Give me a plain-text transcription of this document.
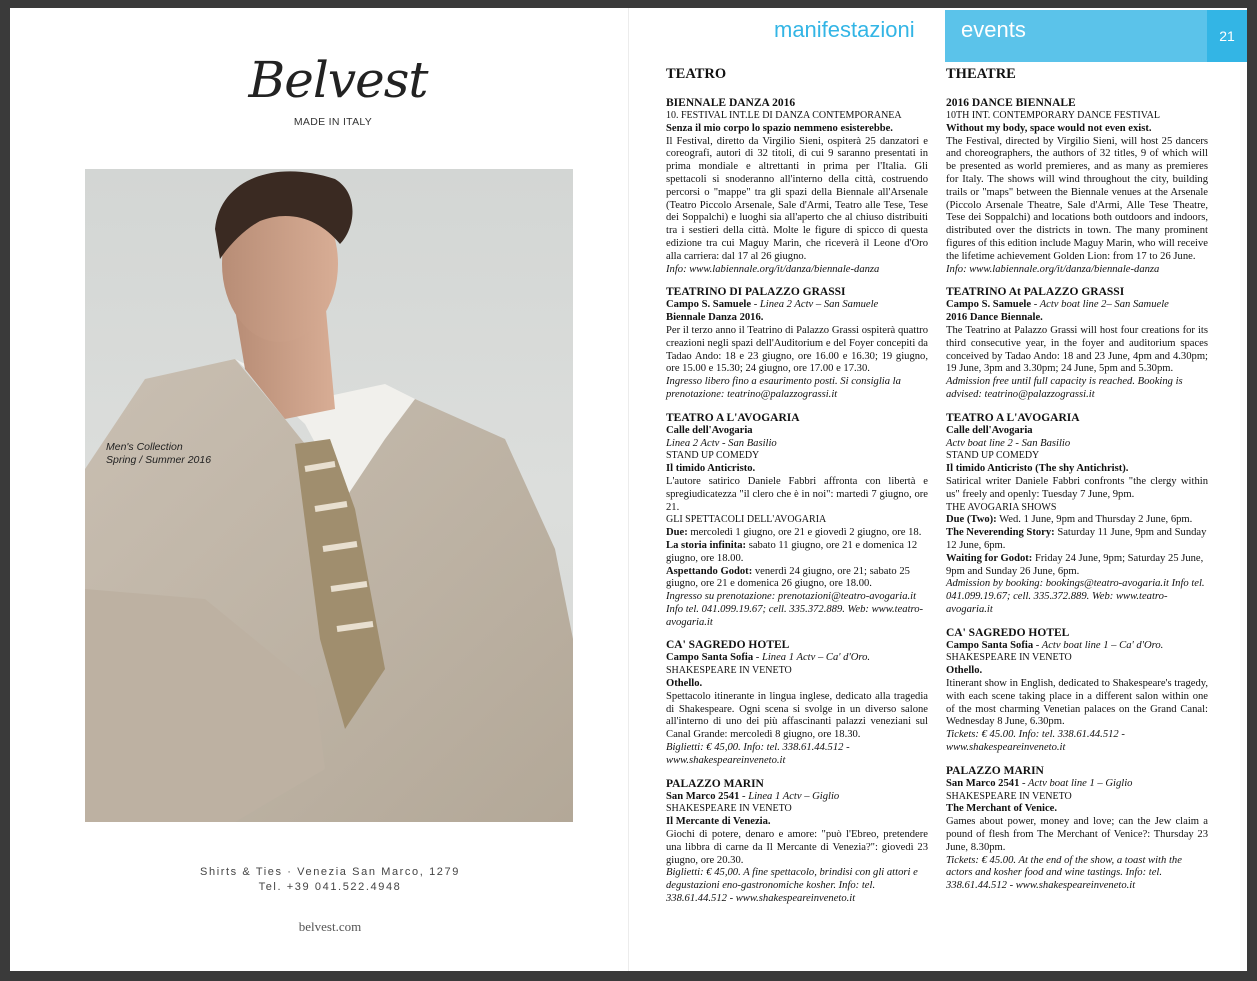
Belvest
MADE IN ITALY
Men's Collection
Spring / Summer 2016
Shirts & Ties · Venezia San Marco, 1279
Tel. +39 041.522.4948
belvest.com
manifestazioni events	21
TEATRO
BIENNALE DANZA 2016

10. FESTIVAL INT.LE DI DANZA CONTEMPORANEA

Senza il mio corpo lo spazio nemmeno esisterebbe.

Il Festival, diretto da Virgilio Sieni, ospiterà 25 danzatori e coreografi, autori di 32 titoli, di cui 9 saranno presentati in prima mondiale e altrettanti in prima per l'Italia. Gli spettacoli si snoderanno all'interno della città, costruendo percorsi o "mappe" tra gli spazi della Biennale all'Arsenale (Teatro Piccolo Arsenale, Sale d'Armi, Teatro alle Tese, Tese dei Soppalchi) e luoghi sia all'aperto che al chiuso distribuiti tra i sestieri della città. Molte le figure di spicco di questa edizione tra cui Maguy Marin, che riceverà il Leone d'Oro alla carriera: dal 17 al 26 giugno.

Info: www.labiennale.org/it/danza/biennale-danza

TEATRINO DI PALAZZO GRASSI

Campo S. Samuele - Linea 2 Actv – San Samuele

Biennale Danza 2016.

Per il terzo anno il Teatrino di Palazzo Grassi ospiterà quattro creazioni negli spazi dell'Auditorium e del Foyer concepiti da Tadao Ando: 18 e 23 giugno, ore 16.00 e 16.30; 19 giugno, ore 15.00 e 15.30; 24 giugno, ore 17.00 e 17.30.

Ingresso libero fino a esaurimento posti. Si consiglia la prenotazione: teatrino@palazzograssi.it

TEATRO A L'AVOGARIA

Calle dell'Avogaria

Linea 2 Actv - San Basilio

STAND UP COMEDY

Il timido Anticristo.

L'autore satirico Daniele Fabbri affronta con libertà e spregiudicatezza "il clero che è in noi": martedì 7 giugno, ore 21.

GLI SPETTACOLI DELL'AVOGARIA

Due: mercoledì 1 giugno, ore 21 e giovedì 2 giugno, ore 18.

La storia infinita: sabato 11 giugno, ore 21 e domenica 12 giugno, ore 18.00.

Aspettando Godot: venerdì 24 giugno, ore 21; sabato 25 giugno, ore 21 e domenica 26 giugno, ore 18.00.

Ingresso su prenotazione: prenotazioni@teatro-avogaria.it Info tel. 041.099.19.67; cell. 335.372.889. Web: www.teatro-avogaria.it

CA' SAGREDO HOTEL

Campo Santa Sofia - Linea 1 Actv – Ca' d'Oro.

SHAKESPEARE IN VENETO

Othello.

Spettacolo itinerante in lingua inglese, dedicato alla tragedia di Shakespeare. Ogni scena si svolge in un diverso salone all'interno di uno dei più affascinanti palazzi veneziani sul Canal Grande: mercoledì 8 giugno, ore 18.30.

Biglietti: € 45,00. Info: tel. 338.61.44.512 - www.shakespeareinveneto.it

PALAZZO MARIN

San Marco 2541 - Linea 1 Actv – Giglio

SHAKESPEARE IN VENETO

Il Mercante di Venezia.

Giochi di potere, denaro e amore: "può l'Ebreo, pretendere una libbra di carne da Il Mercante di Venezia?": giovedì 23 giugno, ore 20.30.

Biglietti: € 45,00. A fine spettacolo, brindisi con gli attori e degustazioni eno-gastronomiche kosher. Info: tel. 338.61.44.512 - www.shakespeareinveneto.it

THEATRE
2016 DANCE BIENNALE

10TH INT. CONTEMPORARY DANCE FESTIVAL

Without my body, space would not even exist.

The Festival, directed by Virgilio Sieni, will host 25 dancers and choreographers, the authors of 32 titles, 9 of which will be presented as world premieres, and as many as premieres for Italy. The shows will wind throughout the city, building trails or "maps" between the Biennale venues at the Arsenale (Piccolo Arsenale Theatre, Sale d'Armi, Alle Tese Theatre, Tese dei Soppalchi) and locations both outdoors and indoors, distributed over the districts in town. The many prominent figures of this edition include Maguy Marin, who will receive the lifetime achievement Golden Lion: from 17 to 26 June.

Info: www.labiennale.org/it/danza/biennale-danza

TEATRINO At PALAZZO GRASSI

Campo S. Samuele - Actv boat line 2– San Samuele

2016 Dance Biennale.

The Teatrino at Palazzo Grassi will host four creations for its third consecutive year, in the foyer and auditorium spaces conceived by Tadao Ando: 18 and 23 June, 4pm and 4.30pm; 19 June, 3pm and 3.30pm; 24 June, 5pm and 5.30pm.

Admission free until full capacity is reached. Booking is advised: teatrino@palazzograssi.it

TEATRO A L'AVOGARIA

Calle dell'Avogaria

Actv boat line 2 - San Basilio

STAND UP COMEDY

Il timido Anticristo (The shy Antichrist).

Satirical writer Daniele Fabbri confronts "the clergy within us" freely and openly: Tuesday 7 June, 9pm.

THE AVOGARIA SHOWS

Due (Two): Wed. 1 June, 9pm and Thursday 2 June, 6pm.

The Neverending Story: Saturday 11 June, 9pm and Sunday 12 June, 6pm.

Waiting for Godot: Friday 24 June, 9pm; Saturday 25 June, 9pm and Sunday 26 June, 6pm.

Admission by booking: bookings@teatro-avogaria.it Info tel. 041.099.19.67; cell. 335.372.889. Web: www.teatro-avogaria.it

CA' SAGREDO HOTEL

Campo Santa Sofia - Actv boat line 1 – Ca' d'Oro.

SHAKESPEARE IN VENETO

Othello.

Itinerant show in English, dedicated to Shakespeare's tragedy, with each scene taking place in a different salon within one of the most charming Venetian palaces on the Grand Canal: Wednesday 8 June, 6.30pm.

Tickets: € 45.00. Info: tel. 338.61.44.512 - www.shakespeareinveneto.it

PALAZZO MARIN

San Marco 2541 - Actv boat line 1 – Giglio

SHAKESPEARE IN VENETO

The Merchant of Venice.

Games about power, money and love; can the Jew claim a pound of flesh from The Merchant of Venice?: Thursday 23 June, 8.30pm.

Tickets: € 45.00. At the end of the show, a toast with the actors and kosher food and wine tastings. Info: tel. 338.61.44.512 - www.shakespeareinveneto.it
